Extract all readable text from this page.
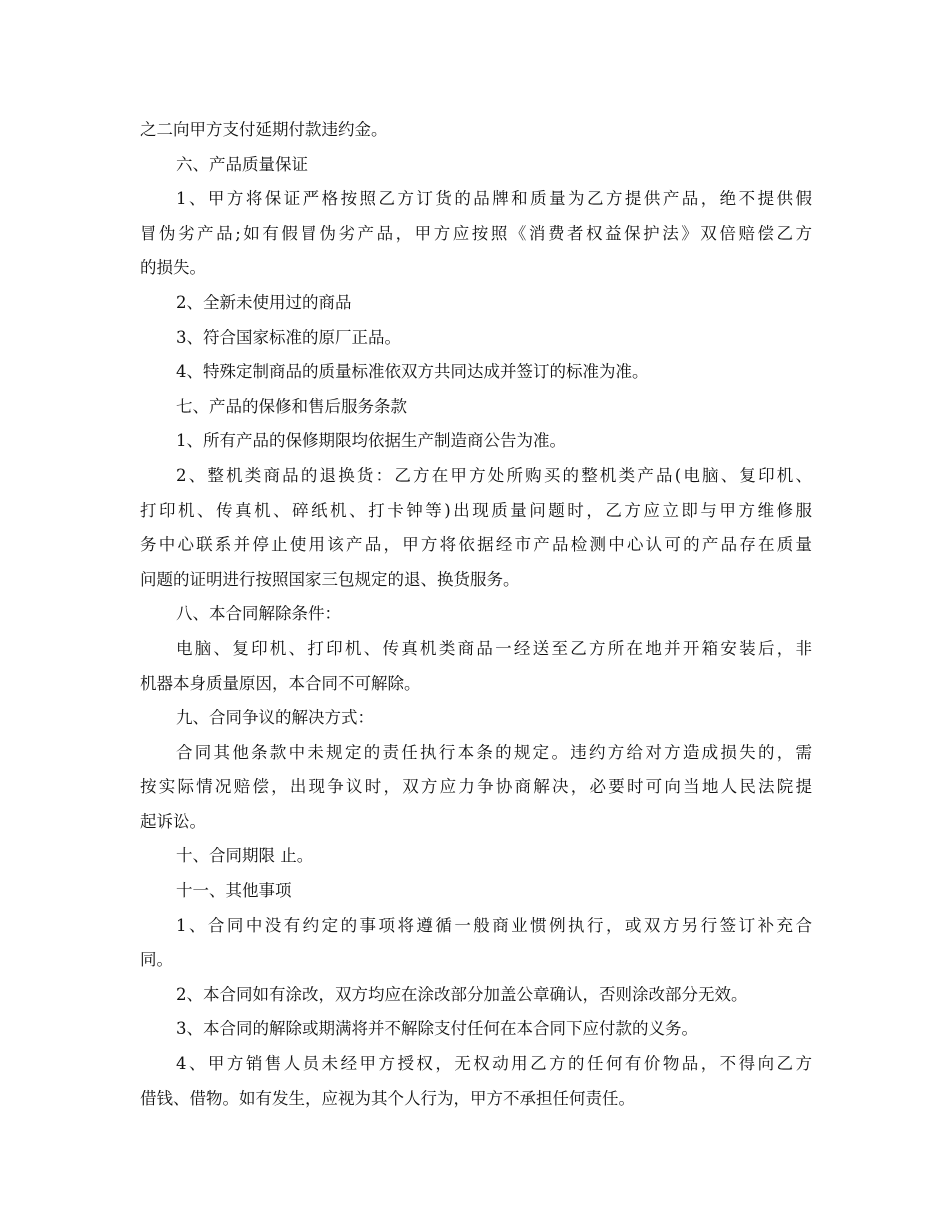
之二向甲方支付延期付款违约金。
六、产品质量保证
1、甲方将保证严格按照乙方订货的品牌和质量为乙方提供产品，绝不提供假
冒伪劣产品;如有假冒伪劣产品，甲方应按照《消费者权益保护法》双倍赔偿乙方
的损失。
2、全新未使用过的商品
3、符合国家标准的原厂正品。
4、特殊定制商品的质量标准依双方共同达成并签订的标准为准。
七、产品的保修和售后服务条款
1、所有产品的保修期限均依据生产制造商公告为准。
2、整机类商品的退换货：乙方在甲方处所购买的整机类产品(电脑、复印机、
打印机、传真机、碎纸机、打卡钟等)出现质量问题时，乙方应立即与甲方维修服
务中心联系并停止使用该产品，甲方将依据经市产品检测中心认可的产品存在质量
问题的证明进行按照国家三包规定的退、换货服务。
八、本合同解除条件：
电脑、复印机、打印机、传真机类商品一经送至乙方所在地并开箱安装后，非
机器本身质量原因，本合同不可解除。
九、合同争议的解决方式：
合同其他条款中未规定的责任执行本条的规定。违约方给对方造成损失的，需
按实际情况赔偿，出现争议时，双方应力争协商解决，必要时可向当地人民法院提
起诉讼。
十、合同期限 止。
十一、其他事项
1、合同中没有约定的事项将遵循一般商业惯例执行，或双方另行签订补充合
同。
2、本合同如有涂改，双方均应在涂改部分加盖公章确认，否则涂改部分无效。
3、本合同的解除或期满将并不解除支付任何在本合同下应付款的义务。
4、甲方销售人员未经甲方授权，无权动用乙方的任何有价物品，不得向乙方
借钱、借物。如有发生，应视为其个人行为，甲方不承担任何责任。
